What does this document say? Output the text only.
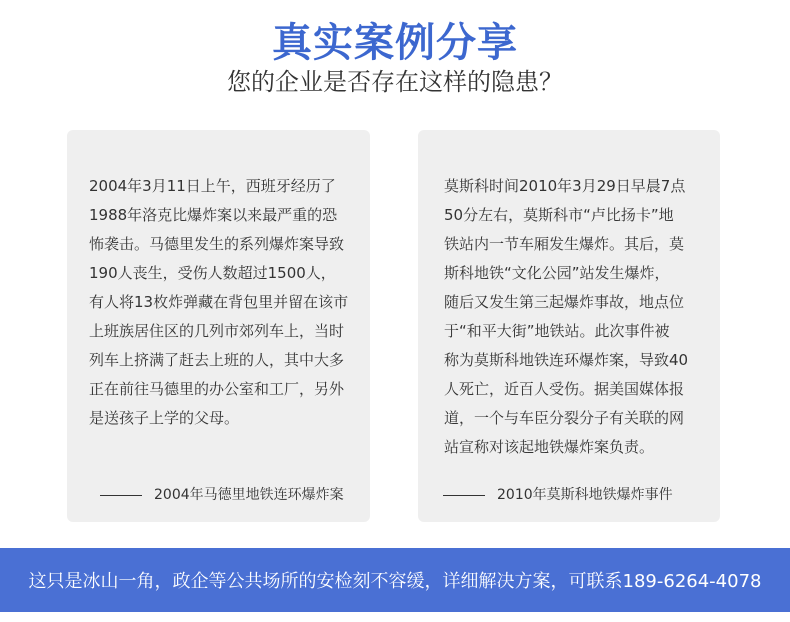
真实案例分享
您的企业是否存在这样的隐患？
2004年3月11日上午，西班牙经历了
1988年洛克比爆炸案以来最严重的恐
怖袭击。马德里发生的系列爆炸案导致
190人丧生，受伤人数超过1500人，
有人将13枚炸弹藏在背包里并留在该市
上班族居住区的几列市郊列车上，当时
列车上挤满了赶去上班的人，其中大多
正在前往马德里的办公室和工厂，另外
是送孩子上学的父母。
2004年马德里地铁连环爆炸案
莫斯科时间2010年3月29日早晨7点
50分左右，莫斯科市“卢比扬卡”地
铁站内一节车厢发生爆炸。其后，莫
斯科地铁“文化公园”站发生爆炸，
随后又发生第三起爆炸事故，地点位
于“和平大街”地铁站。此次事件被
称为莫斯科地铁连环爆炸案，导致40
人死亡，近百人受伤。据美国媒体报
道，一个与车臣分裂分子有关联的网
站宣称对该起地铁爆炸案负责。
2010年莫斯科地铁爆炸事件
这只是冰山一角，政企等公共场所的安检刻不容缓，详细解决方案，可联系189-6264-4078
